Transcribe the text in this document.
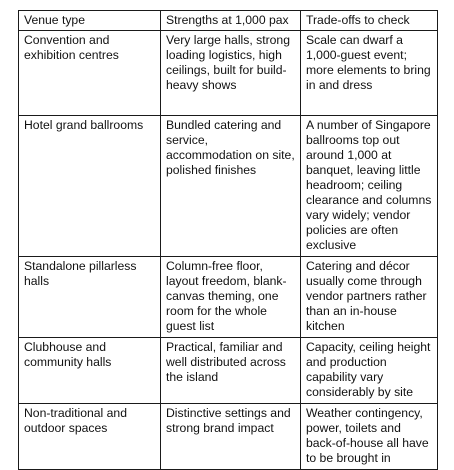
Venue type	Strengths at 1,000 pax	Trade-offs to check
Convention and exhibition centres	Very large halls, strong loading logistics, high ceilings, built for build-heavy shows	Scale can dwarf a 1,000-guest event; more elements to bring in and dress
Hotel grand ballrooms	Bundled catering and service, accommodation on site, polished finishes	A number of Singapore ballrooms top out around 1,000 at banquet, leaving little headroom; ceiling clearance and columns vary widely; vendor policies are often exclusive
Standalone pillarless halls	Column-free floor, layout freedom, blank-canvas theming, one room for the whole guest list	Catering and décor usually come through vendor partners rather than an in-house kitchen
Clubhouse and community halls	Practical, familiar and well distributed across the island	Capacity, ceiling height and production capability vary considerably by site
Non-traditional and outdoor spaces	Distinctive settings and strong brand impact	Weather contingency, power, toilets and back-of-house all have to be brought in
